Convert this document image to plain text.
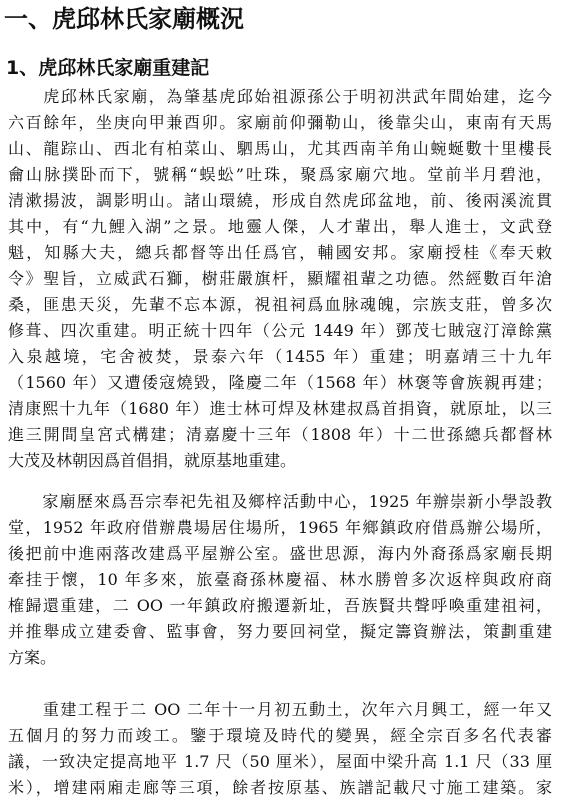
一、虎邱林氏家廟概況
1、虎邱林氏家廟重建記
　　虎邱林氏家廟，為肇基虎邱始祖源孫公于明初洪武年間始建，迄今
六百餘年，坐庚向甲兼酉卯。家廟前仰彌勒山，後靠尖山，東南有天馬
山、龍踪山、西北有柏菜山、駟馬山，尤其西南羊角山蜿蜒數十里樓長
龠山脉撲卧而下，號稱“蜈蚣”吐珠，聚爲家廟穴地。堂前半月碧池，
清漱揚波，調影明山。諸山環繞，形成自然虎邱盆地，前、後兩溪流貫
其中，有“九鯉入湖”之景。地靈人傑，人才輩出，舉人進士，文武登
魁，知縣大夫，總兵都督等出任爲官，輔國安邦。家廟授桂《奉天敕
令》聖旨，立威武石獅，樹莊嚴旗杆，顯耀祖輩之功德。然經數百年滄
桑，匪患天災，先輩不忘本源，視祖祠爲血脉魂魄，宗族支莊，曾多次
修葺、四次重建。明正統十四年（公元 1449 年）鄧茂七賊寇汀漳餘黨
入泉越境，宅舍被焚，景泰六年（1455 年）重建；明嘉靖三十九年
（1560 年）又遭倭寇燒毀，隆慶二年（1568 年）林褒等會族親再建；
清康熙十九年（1680 年）進士林可焊及林建叔爲首捐資，就原址，以三
進三開間皇宮式構建；清嘉慶十三年（1808 年）十二世孫總兵都督林
大茂及林朝因爲首倡捐，就原基地重建。
　　家廟歷來爲吾宗奉祀先祖及鄉梓活動中心，1925 年辦崇新小學設教
堂，1952 年政府借辦農場居住場所，1965 年鄉鎮政府借爲辦公場所，
後把前中進兩落改建爲平屋辦公室。盛世思源，海内外裔孫爲家廟長期
牽挂于懷，10 年多來，旅臺裔孫林慶福、林水勝曾多次返梓與政府商
榷歸還重建，二 OO 一年鎮政府搬遷新址，吾族賢共聲呼喚重建祖祠，
并推舉成立建委會、監事會，努力要回祠堂，擬定籌資辦法，策劃重建
方案。
　　重建工程于二 OO 二年十一月初五動土，次年六月興工，經一年又
五個月的努力而竣工。鑒于環境及時代的變異，經全宗百多名代表審
議，一致决定提高地平 1.7 尺（50 厘米），屋面中梁升高 1.1 尺（33 厘
米），增建兩廂走廊等三項，餘者按原基、族譜記載尺寸施工建築。家
